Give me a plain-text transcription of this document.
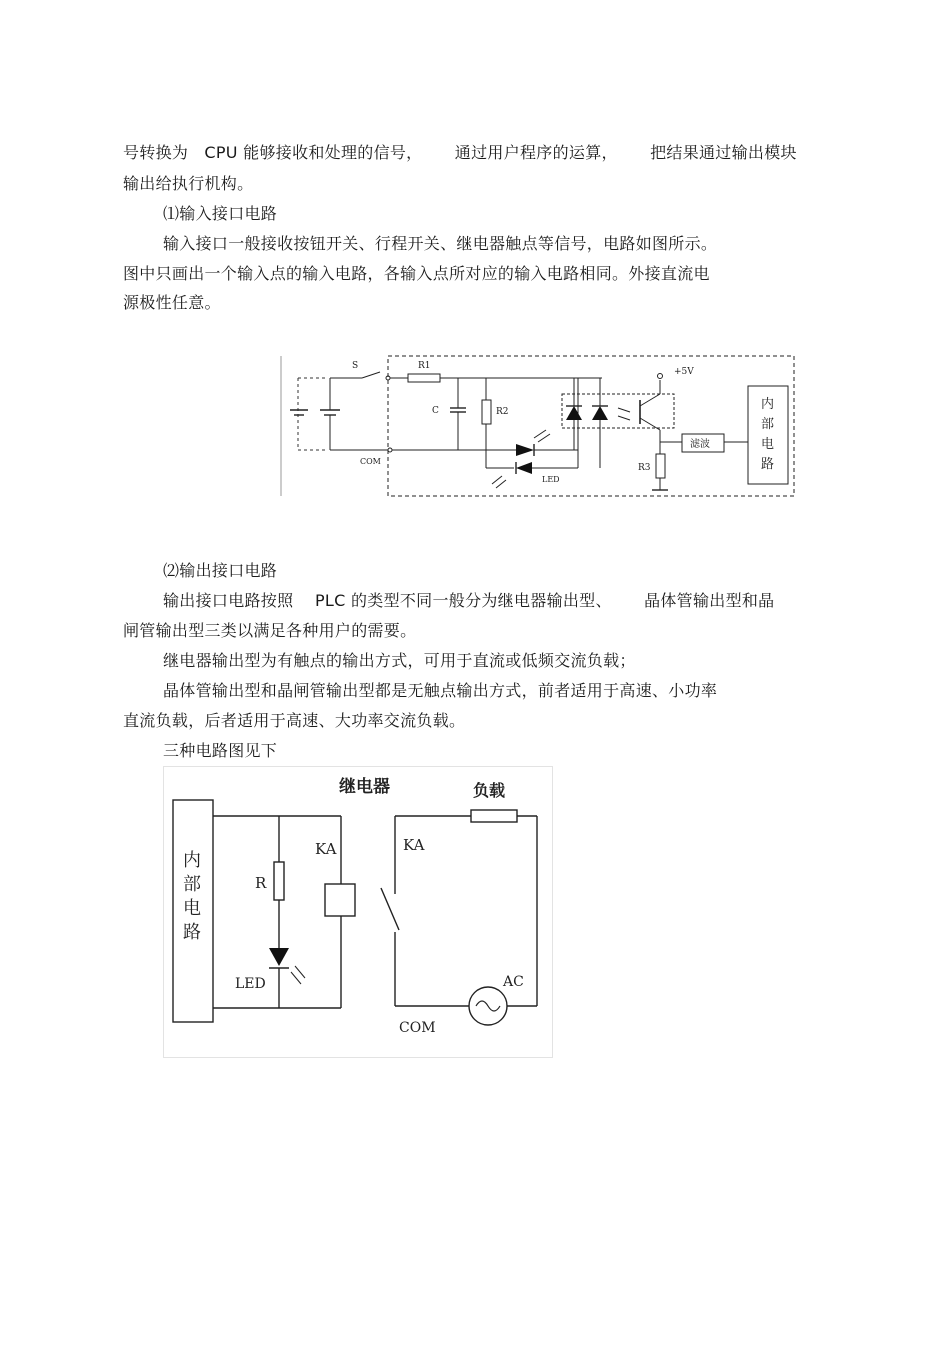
号转换为   CPU 能够接收和处理的信号，      通过用户程序的运算，      把结果通过输出模块
输出给执行机构。
⑴输入接口电路
输入接口一般接收按钮开关、行程开关、继电器触点等信号，电路如图所示。
图中只画出一个输入点的输入电路，各输入点所对应的输入电路相同。外接直流电
源极性任意。
S	R1
COM
C	R2
LED
+5V
R3
滤波
内
部
电
路
⑵输出接口电路
输出接口电路按照    PLC 的类型不同一般分为继电器输出型、      晶体管输出型和晶
闸管输出型三类以满足各种用户的需要。
继电器输出型为有触点的输出方式，可用于直流或低频交流负载；
晶体管输出型和晶闸管输出型都是无触点输出方式，前者适用于高速、小功率
直流负载，后者适用于高速、大功率交流负载。
三种电路图见下
内
部
电
路
继电器
R
LED
KA	KA
负载
AC
COM
